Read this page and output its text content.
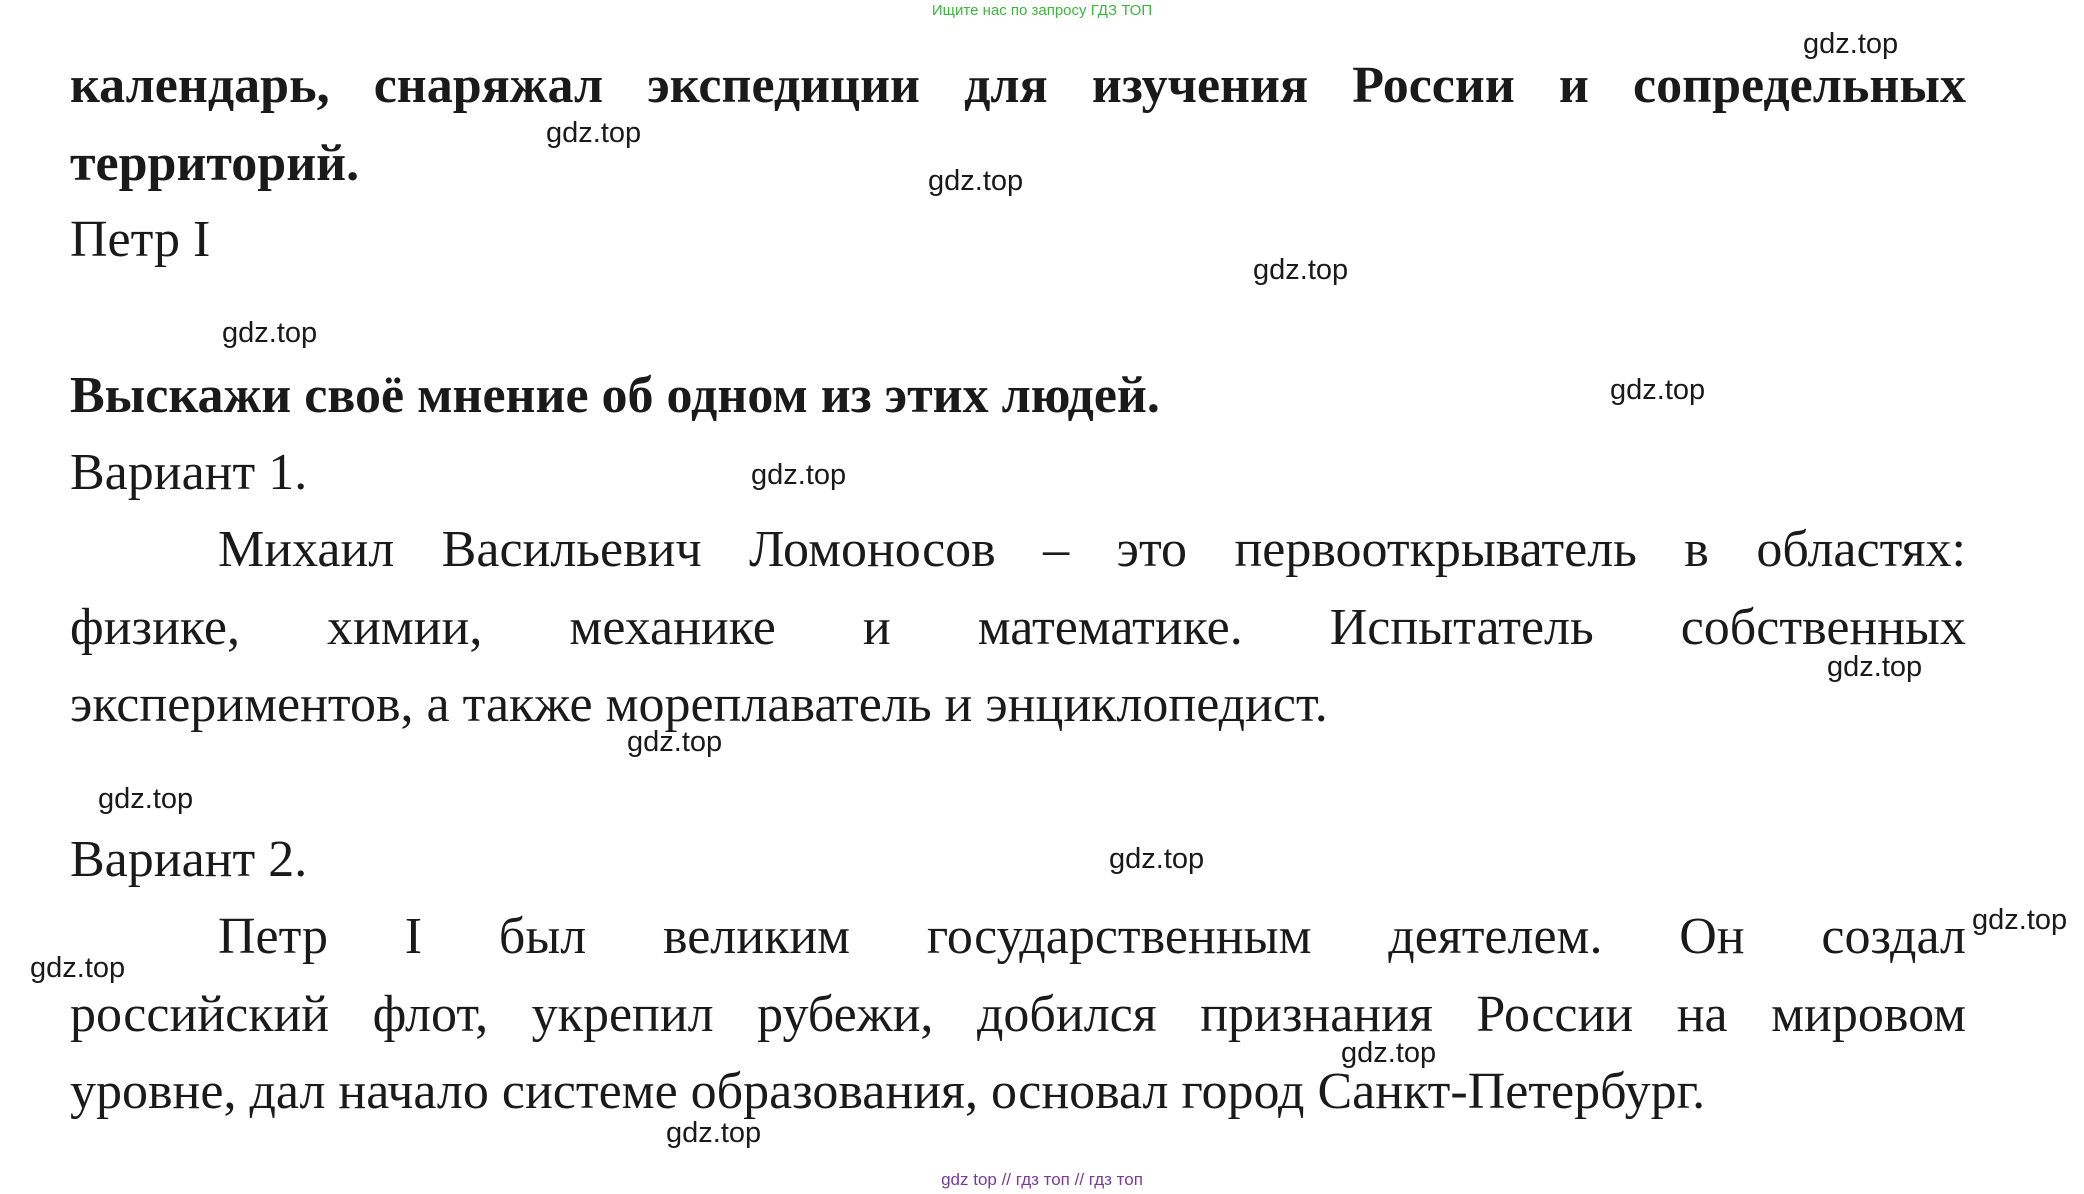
Ищите нас по запросу ГДЗ ТОП
календарь, снаряжал экспедиции для изучения России и сопредельных
территорий.
Петр I
Выскажи своё мнение об одном из этих людей.
Вариант 1.
Михаил Васильевич Ломоносов – это первооткрыватель в областях:
физике, химии, механике и математике. Испытатель собственных
экспериментов, а также мореплаватель и энциклопедист.
Вариант 2.
Петр I был великим государственным деятелем. Он создал
российский флот, укрепил рубежи, добился признания России на мировом
уровне, дал начало системе образования, основал город Санкт-Петербург.
gdz.top
gdz.top
gdz.top
gdz.top
gdz.top
gdz.top
gdz.top
gdz.top
gdz.top
gdz.top
gdz.top
gdz.top
gdz.top
gdz.top
gdz.top
gdz top // гдз топ // гдз топ
